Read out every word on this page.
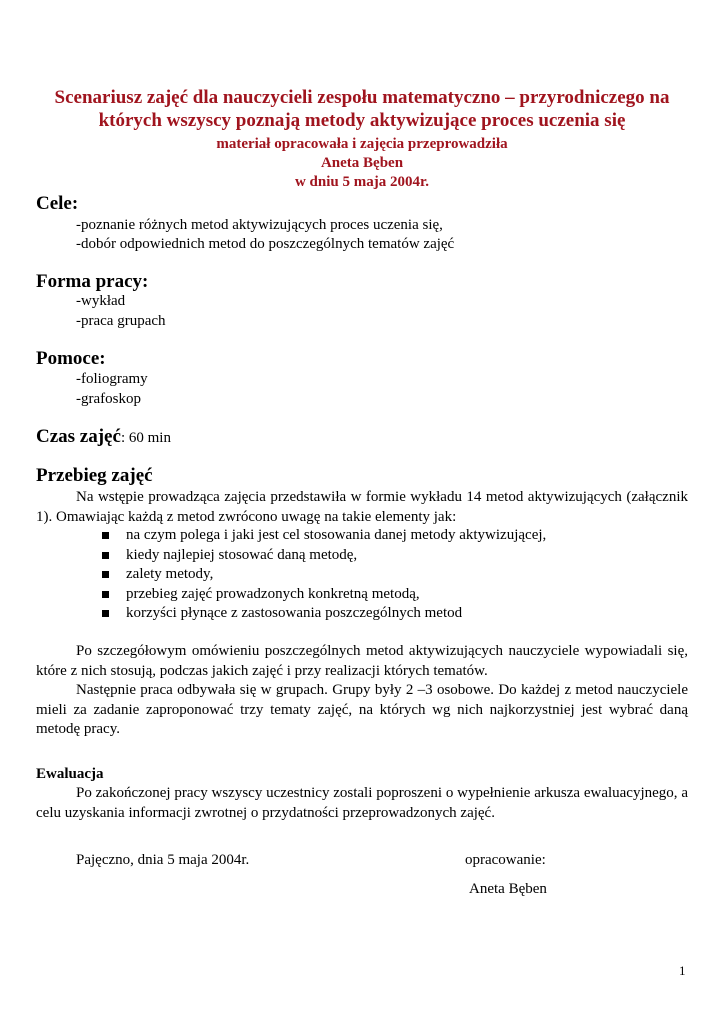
Scenariusz zajęć dla nauczycieli zespołu matematyczno – przyrodniczego na
których wszyscy poznają metody aktywizujące proces uczenia się
materiał opracowała i zajęcia przeprowadziła
Aneta Bęben
w dniu 5 maja 2004r.
Cele:
-poznanie różnych metod aktywizujących proces uczenia się,
-dobór odpowiednich metod do poszczególnych tematów zajęć
Forma pracy:
-wykład
-praca grupach
Pomoce:
-foliogramy
-grafoskop
Czas zajęć: 60 min
Przebieg zajęć

Na wstępie prowadząca zajęcia przedstawiła w formie wykładu 14 metod aktywizujących (załącznik 1). Omawiając każdą z metod zwrócono uwagę na takie elementy jak:

na czym polega i jaki jest cel stosowania danej metody aktywizującej,
kiedy najlepiej stosować daną metodę,
zalety metody,
przebieg zajęć prowadzonych konkretną metodą,
korzyści płynące z zastosowania poszczególnych metod

Po szczegółowym omówieniu poszczególnych metod aktywizujących nauczyciele wypowiadali się, które z nich stosują, podczas jakich zajęć i przy realizacji których tematów.

Następnie praca odbywała się w grupach. Grupy były 2 –3 osobowe. Do każdej z metod nauczyciele mieli za zadanie zaproponować trzy tematy zajęć, na których wg nich najkorzystniej jest wybrać daną metodę pracy.

Ewaluacja

Po zakończonej pracy wszyscy uczestnicy zostali poproszeni o wypełnienie arkusza ewaluacyjnego, a celu uzyskania informacji zwrotnej o przydatności przeprowadzonych zajęć.

Pajęczno, dnia 5 maja 2004r.	opracowanie:
Aneta Bęben
1
